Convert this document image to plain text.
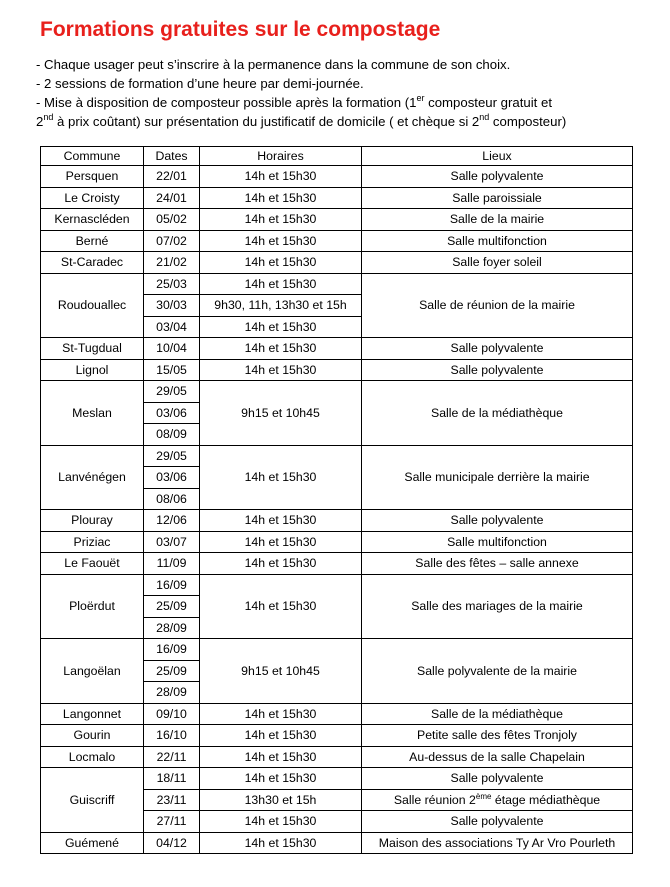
Formations gratuites sur le compostage
- Chaque usager peut s’inscrire à la permanence dans la commune de son choix.
- 2 sessions de formation d’une heure par demi-journée.
- Mise à disposition de composteur possible après la formation (1er composteur gratuit et
2nd à prix coûtant) sur présentation du justificatif de domicile ( et chèque si 2nd composteur)
Commune	Dates	Horaires	Lieux
Persquen	22/01	14h et 15h30	Salle polyvalente
Le Croisty	24/01	14h et 15h30	Salle paroissiale
Kernascléden	05/02	14h et 15h30	Salle de la mairie
Berné	07/02	14h et 15h30	Salle multifonction
St-Caradec	21/02	14h et 15h30	Salle foyer soleil
Roudouallec	25/03	14h et 15h30	Salle de réunion de la mairie
	30/03	9h30, 11h, 13h30 et 15h	
	03/04	14h et 15h30	
St-Tugdual	10/04	14h et 15h30	Salle polyvalente
Lignol	15/05	14h et 15h30	Salle polyvalente
Meslan	29/05	9h15 et 10h45	Salle de la médiathèque
	03/06		
	08/09		
Lanvénégen	29/05	14h et 15h30	Salle municipale derrière la mairie
	03/06		
	08/06		
Plouray	12/06	14h et 15h30	Salle polyvalente
Priziac	03/07	14h et 15h30	Salle multifonction
Le Faouët	11/09	14h et 15h30	Salle des fêtes – salle annexe
Ploërdut	16/09	14h et 15h30	Salle des mariages de la mairie
	25/09		
	28/09		
Langoëlan	16/09	9h15 et 10h45	Salle polyvalente de la mairie
	25/09		
	28/09		
Langonnet	09/10	14h et 15h30	Salle de la médiathèque
Gourin	16/10	14h et 15h30	Petite salle des fêtes Tronjoly
Locmalo	22/11	14h et 15h30	Au-dessus de la salle Chapelain
Guiscriff	18/11	14h et 15h30	Salle polyvalente
	23/11	13h30 et 15h	Salle réunion 2ème étage médiathèque
	27/11	14h et 15h30	Salle polyvalente
Guémené	04/12	14h et 15h30	Maison des associations Ty Ar Vro Pourleth
